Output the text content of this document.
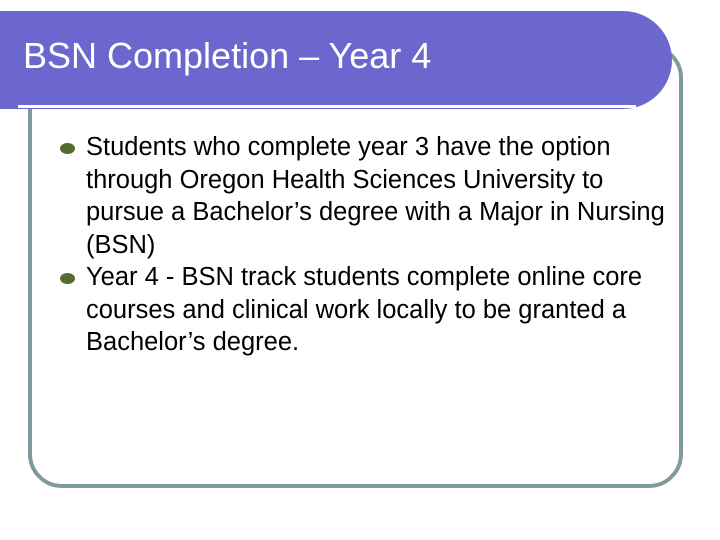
BSN Completion – Year 4
Students who complete year 3 have the option through Oregon Health Sciences University to pursue a Bachelor’s degree with a Major in Nursing (BSN)
Year 4 - BSN track students complete online core courses and clinical work locally to be granted a Bachelor’s degree.
